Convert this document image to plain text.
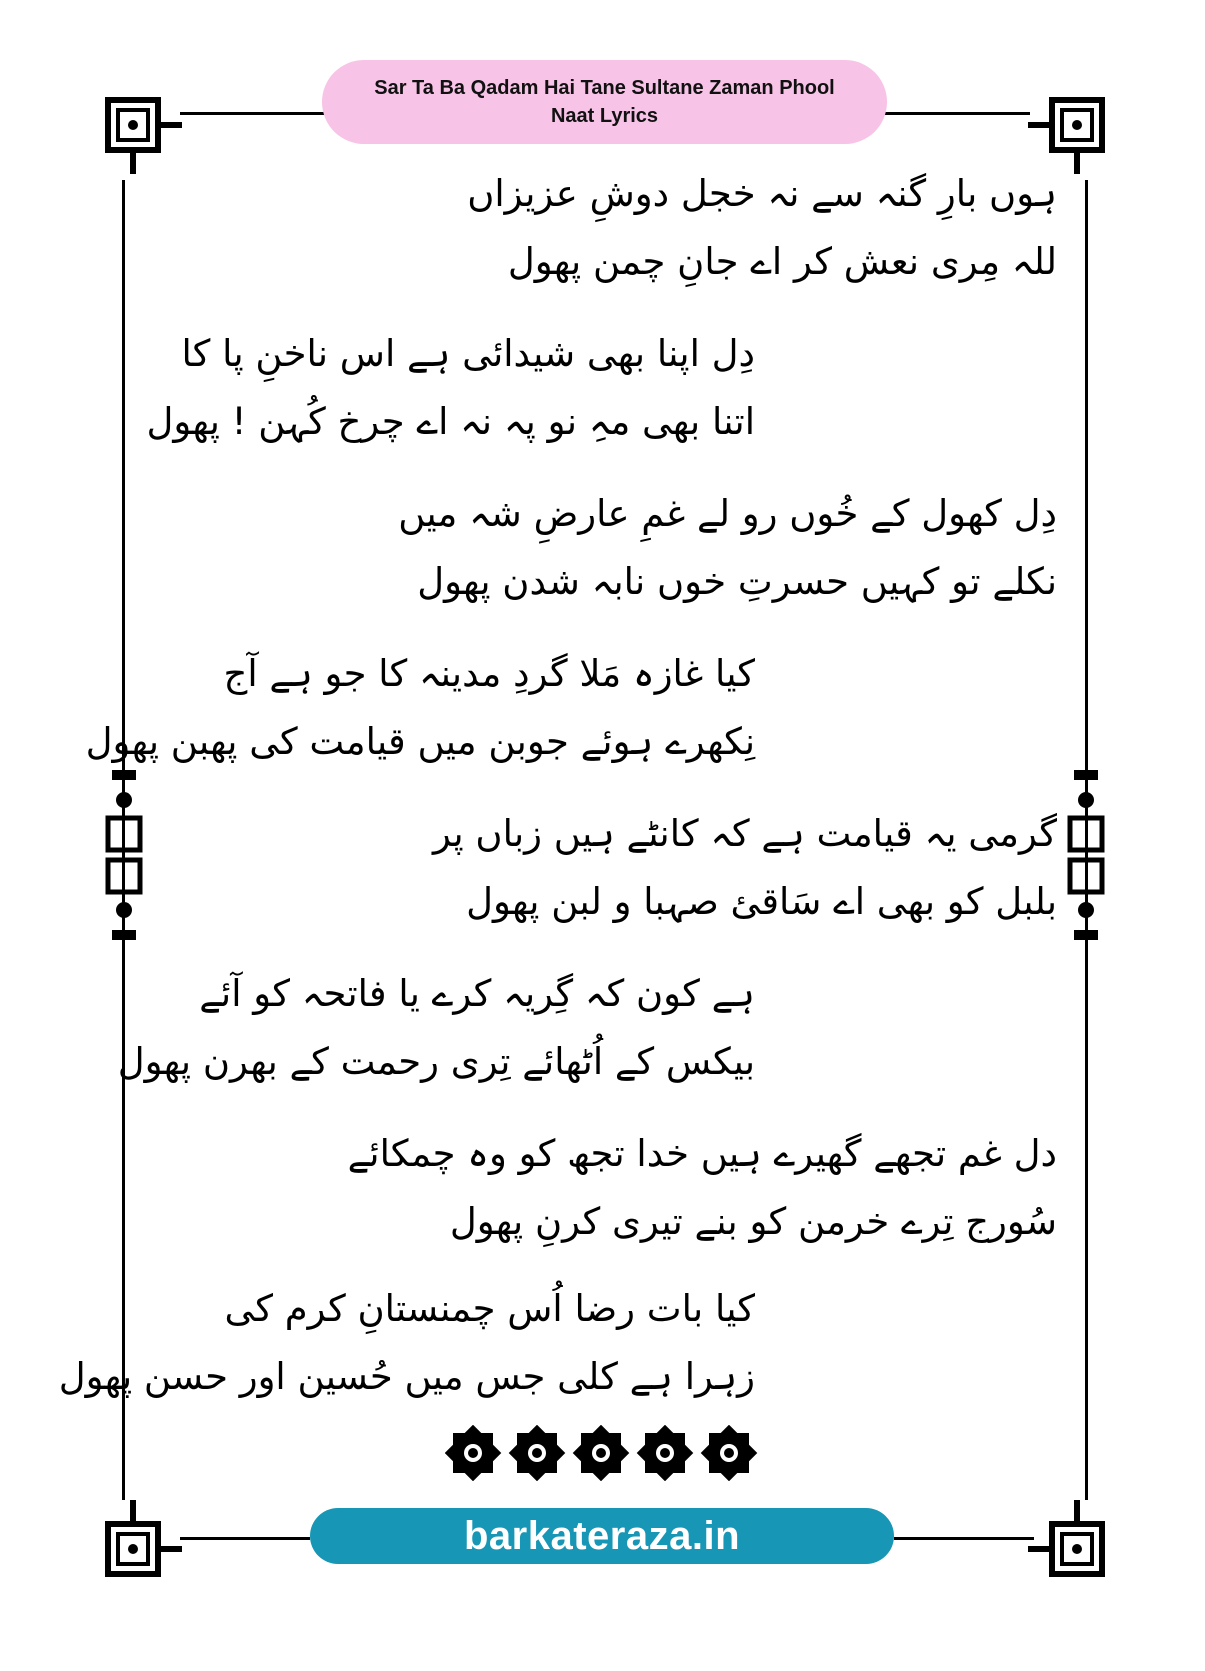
Sar Ta Ba Qadam Hai Tane Sultane Zaman Phool
Naat Lyrics
ہوں بارِ گنہ سے نہ خجل دوشِ عزیزاں
للہ مِری نعش کر اے جانِ چمن پھول
دِل اپنا بھی شیدائی ہے اس ناخنِ پا کا
اتنا بھی مہِ نو پہ نہ اے چرخ کُہن ! پھول
دِل کھول کے خُوں رو لے غمِ عارضِ شہ میں
نکلے تو کہیں حسرتِ خوں نابہ شدن پھول
کیا غازہ مَلا گردِ مدینہ کا جو ہے آج
نِکھرے ہوئے جوبن میں قیامت کی پھبن پھول
گرمی یہ قیامت ہے کہ کانٹے ہیں زباں پر
بلبل کو بھی اے سَاقئ صہبا و لبن پھول
ہے کون کہ گِریہ کرے یا فاتحہ کو آئے
بیکس کے اُٹھائے تِری رحمت کے بھرن پھول
دل غم تجھے گھیرے ہیں خدا تجھ کو وہ چمکائے
سُورج تِرے خرمن کو بنے تیری کرنِ پھول
کیا بات رضا اُس چمنستانِ کرم کی
زہرا ہے کلی جس میں حُسین اور حسن پھول
barkateraza.in
